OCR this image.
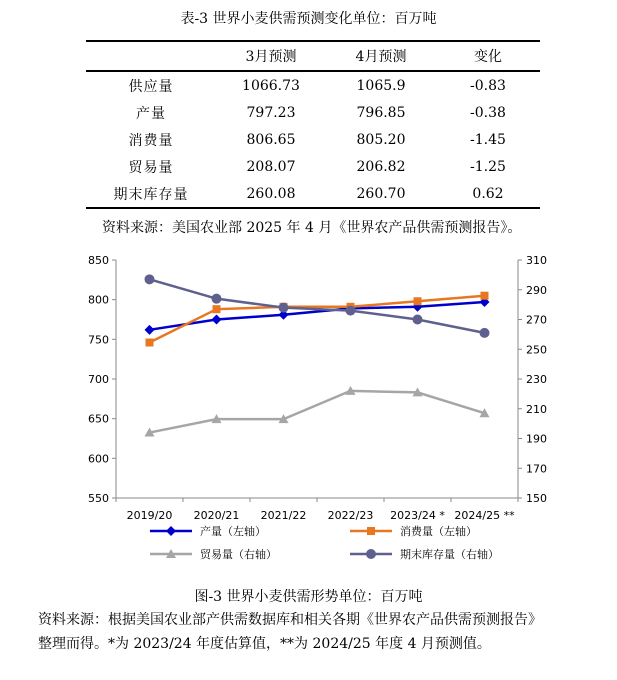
表-3 世界小麦供需预测变化单位：百万吨
	3月预测	4月预测	变化
供应量	1066.73	1065.9	-0.83
产量	797.23	796.85	-0.38
消费量	806.65	805.20	-1.45
贸易量	208.07	206.82	-1.25
期末库存量	260.08	260.70	0.62
资料来源：美国农业部 2025 年 4 月《世界农产品供需预测报告》。
550
600
650
700
750
800
850
150
170
190
210
230
250
270
290
310
2019/20 2020/21 2021/22 2022/23 2023/24 * 2024/25 **
产量（左轴）	消费量（左轴）
贸易量（右轴）	期末库存量（右轴）
图-3 世界小麦供需形势单位：百万吨
资料来源：根据美国农业部产供需数据库和相关各期《世界农产品供需预测报告》
整理而得。*为 2023/24 年度估算值，**为 2024/25 年度 4 月预测值。
